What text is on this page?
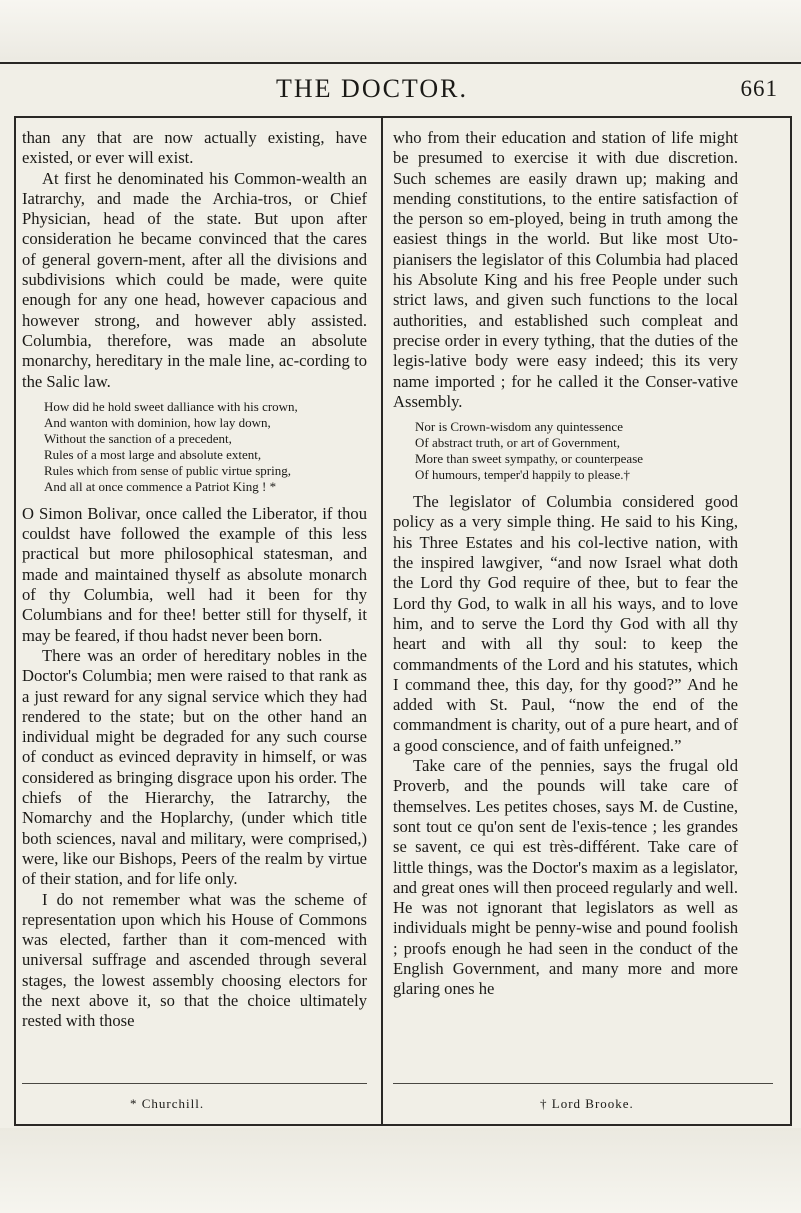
THE DOCTOR.	661

than any that are now actually existing, have existed, or ever will exist.

At first he denominated his Common-wealth an Iatrarchy, and made the Archia-tros, or Chief Physician, head of the state. But upon after consideration he became convinced that the cares of general govern-ment, after all the divisions and subdivisions which could be made, were quite enough for any one head, however capacious and however strong, and however ably assisted. Columbia, therefore, was made an absolute monarchy, hereditary in the male line, ac-cording to the Salic law.

How did he hold sweet dalliance with his crown,
And wanton with dominion, how lay down,
Without the sanction of a precedent,
Rules of a most large and absolute extent,
Rules which from sense of public virtue spring,
And all at once commence a Patriot King ! *

O Simon Bolivar, once called the Liberator, if thou couldst have followed the example of this less practical but more philosophical statesman, and made and maintained thyself as absolute monarch of thy Columbia, well had it been for thy Columbians and for thee! better still for thyself, it may be feared, if thou hadst never been born.

There was an order of hereditary nobles in the Doctor's Columbia; men were raised to that rank as a just reward for any signal service which they had rendered to the state; but on the other hand an individual might be degraded for any such course of conduct as evinced depravity in himself, or was considered as bringing disgrace upon his order. The chiefs of the Hierarchy, the Iatrarchy, the Nomarchy and the Hoplarchy, (under which title both sciences, naval and military, were comprised,) were, like our Bishops, Peers of the realm by virtue of their station, and for life only.

I do not remember what was the scheme of representation upon which his House of Commons was elected, farther than it com-menced with universal suffrage and ascended through several stages, the lowest assembly choosing electors for the next above it, so that the choice ultimately rested with those

* Churchill.

who from their education and station of life might be presumed to exercise it with due discretion. Such schemes are easily drawn up; making and mending constitutions, to the entire satisfaction of the person so em-ployed, being in truth among the easiest things in the world. But like most Uto-pianisers the legislator of this Columbia had placed his Absolute King and his free People under such strict laws, and given such functions to the local authorities, and established such compleat and precise order in every tything, that the duties of the legis-lative body were easy indeed; this its very name imported ; for he called it the Conser-vative Assembly.

Nor is Crown-wisdom any quintessence
Of abstract truth, or art of Government,
More than sweet sympathy, or counterpease
Of humours, temper'd happily to please.†

The legislator of Columbia considered good policy as a very simple thing. He said to his King, his Three Estates and his col-lective nation, with the inspired lawgiver, “and now Israel what doth the Lord thy God require of thee, but to fear the Lord thy God, to walk in all his ways, and to love him, and to serve the Lord thy God with all thy heart and with all thy soul: to keep the commandments of the Lord and his statutes, which I command thee, this day, for thy good?” And he added with St. Paul, “now the end of the commandment is charity, out of a pure heart, and of a good conscience, and of faith unfeigned.”

Take care of the pennies, says the frugal old Proverb, and the pounds will take care of themselves. Les petites choses, says M. de Custine, sont tout ce qu'on sent de l'exis-tence ; les grandes se savent, ce qui est très-différent. Take care of little things, was the Doctor's maxim as a legislator, and great ones will then proceed regularly and well. He was not ignorant that legislators as well as individuals might be penny-wise and pound foolish ; proofs enough he had seen in the conduct of the English Government, and many more and more glaring ones he

† Lord Brooke.
